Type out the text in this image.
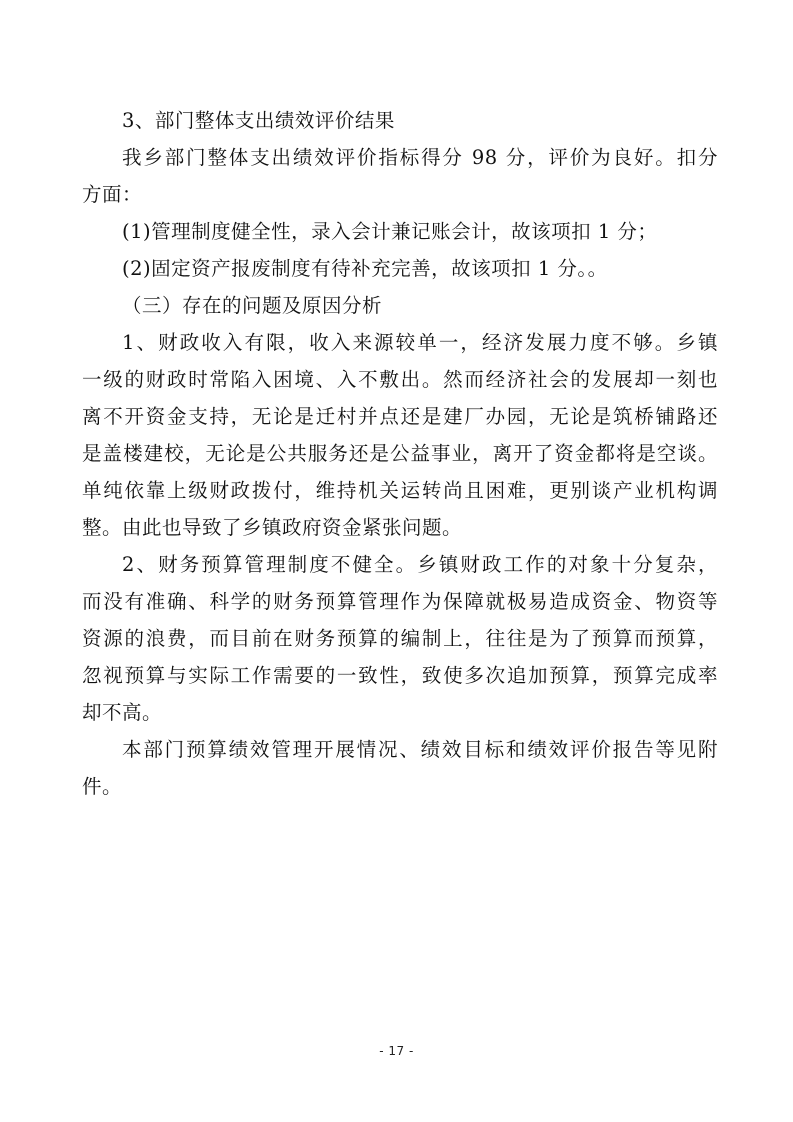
3、部门整体支出绩效评价结果
我乡部门整体支出绩效评价指标得分 98 分，评价为良好。扣分
方面：
(1)管理制度健全性，录入会计兼记账会计，故该项扣 1 分；
(2)固定资产报废制度有待补充完善，故该项扣 1 分。。
（三）存在的问题及原因分析
1、财政收入有限，收入来源较单一，经济发展力度不够。乡镇
一级的财政时常陷入困境、入不敷出。然而经济社会的发展却一刻也
离不开资金支持，无论是迁村并点还是建厂办园，无论是筑桥铺路还
是盖楼建校，无论是公共服务还是公益事业，离开了资金都将是空谈。
单纯依靠上级财政拨付，维持机关运转尚且困难，更别谈产业机构调
整。由此也导致了乡镇政府资金紧张问题。
2、财务预算管理制度不健全。乡镇财政工作的对象十分复杂，
而没有准确、科学的财务预算管理作为保障就极易造成资金、物资等
资源的浪费，而目前在财务预算的编制上，往往是为了预算而预算，
忽视预算与实际工作需要的一致性，致使多次追加预算，预算完成率
却不高。
本部门预算绩效管理开展情况、绩效目标和绩效评价报告等见附
件。
- 17 -
